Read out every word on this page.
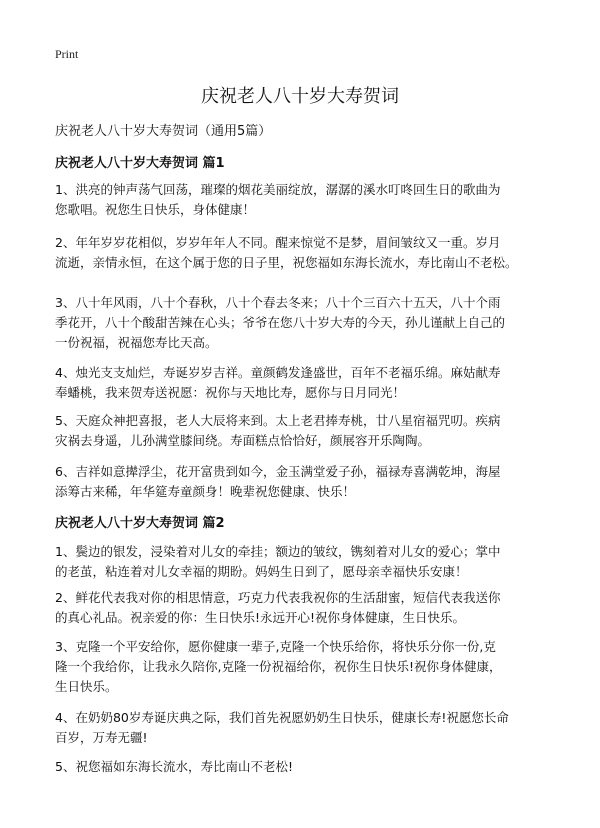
Print
庆祝老人八十岁大寿贺词
庆祝老人八十岁大寿贺词（通用5篇）
庆祝老人八十岁大寿贺词 篇1
1、洪亮的钟声荡气回荡，璀璨的烟花美丽绽放，潺潺的溪水叮咚回生日的歌曲为
您歌唱。祝您生日快乐，身体健康！
2、年年岁岁花相似，岁岁年年人不同。醒来惊觉不是梦，眉间皱纹又一重。岁月
流逝，亲情永恒，在这个属于您的日子里，祝您福如东海长流水，寿比南山不老松。
3、八十年风雨，八十个春秋，八十个春去冬来；八十个三百六十五天，八十个雨
季花开，八十个酸甜苦辣在心头；爷爷在您八十岁大寿的今天，孙儿谨献上自己的
一份祝福，祝福您寿比天高。
4、烛光支支灿烂，寿诞岁岁吉祥。童颜鹤发逢盛世，百年不老福乐绵。麻姑献寿
奉蟠桃，我来贺寿送祝愿：祝你与天地比寿，愿你与日月同光！
5、天庭众神把喜报，老人大辰将来到。太上老君捧寿桃，廿八星宿福咒叨。疾病
灾祸去身遥，儿孙满堂膝间绕。寿面糕点恰恰好，颜展容开乐陶陶。
6、吉祥如意撵浮尘，花开富贵到如今，金玉满堂爱子孙，福禄寿喜满乾坤，海屋
添筹古来稀，年华筵寿童颜身！晚辈祝您健康、快乐！
庆祝老人八十岁大寿贺词 篇2
1、鬓边的银发，浸染着对儿女的牵挂；额边的皱纹，镌刻着对儿女的爱心；掌中
的老茧，粘连着对儿女幸福的期盼。妈妈生日到了，愿母亲幸福快乐安康！
2、鲜花代表我对你的相思情意，巧克力代表我祝你的生活甜蜜，短信代表我送你
的真心礼品。祝亲爱的你：生日快乐!永远开心!祝你身体健康，生日快乐。
3、克隆一个平安给你，愿你健康一辈子,克隆一个快乐给你，将快乐分你一份,克
隆一个我给你，让我永久陪你,克隆一份祝福给你，祝你生日快乐!祝你身体健康，
生日快乐。
4、在奶奶80岁寿诞庆典之际，我们首先祝愿奶奶生日快乐，健康长寿!祝愿您长命
百岁，万寿无疆!
5、祝您福如东海长流水，寿比南山不老松!
